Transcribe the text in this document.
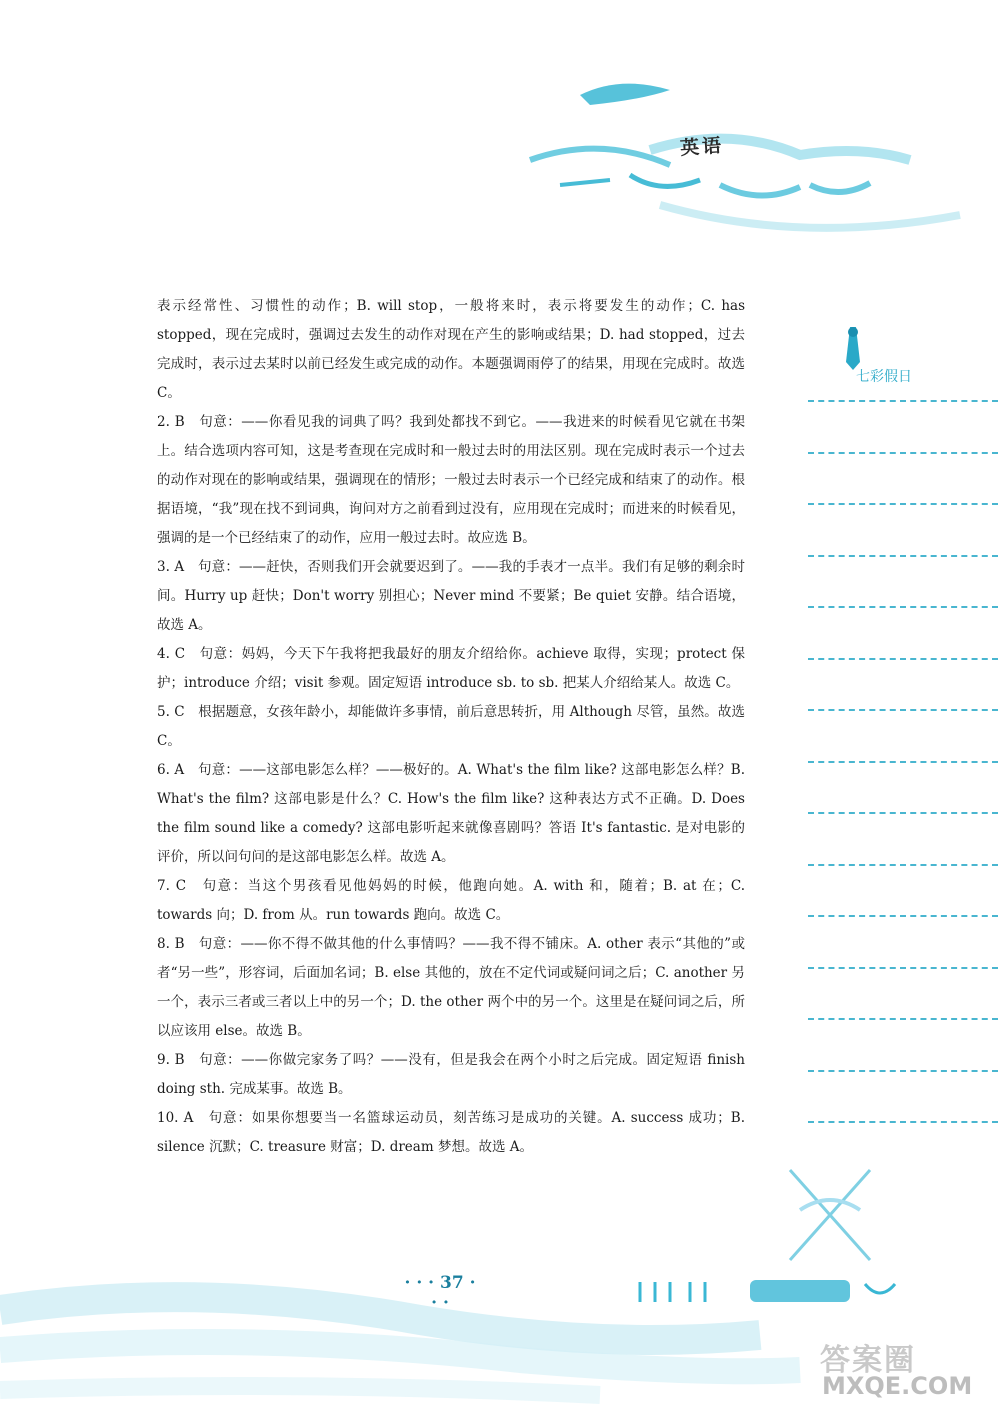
英语
七彩假日

表示经常性、习惯性的动作；B. will stop，一般将来时，表示将要发生的动作；C. has stopped，现在完成时，强调过去发生的动作对现在产生的影响或结果；D. had stopped，过去完成时，表示过去某时以前已经发生或完成的动作。本题强调雨停了的结果，用现在完成时。故选 C。

2. B　句意：——你看见我的词典了吗？我到处都找不到它。——我进来的时候看见它就在书架上。结合选项内容可知，这是考查现在完成时和一般过去时的用法区别。现在完成时表示一个过去的动作对现在的影响或结果，强调现在的情形；一般过去时表示一个已经完成和结束了的动作。根据语境，“我”现在找不到词典，询问对方之前看到过没有，应用现在完成时；而进来的时候看见，强调的是一个已经结束了的动作，应用一般过去时。故应选 B。

3. A　句意：——赶快，否则我们开会就要迟到了。——我的手表才一点半。我们有足够的剩余时间。Hurry up 赶快；Don't worry 别担心；Never mind 不要紧；Be quiet 安静。结合语境，故选 A。

4. C　句意：妈妈，今天下午我将把我最好的朋友介绍给你。achieve 取得，实现；protect 保护；introduce 介绍；visit 参观。固定短语 introduce sb. to sb. 把某人介绍给某人。故选 C。

5. C　根据题意，女孩年龄小，却能做许多事情，前后意思转折，用 Although 尽管，虽然。故选 C。

6. A　句意：——这部电影怎么样？——极好的。A. What's the film like? 这部电影怎么样？B. What's the film? 这部电影是什么？C. How's the film like? 这种表达方式不正确。D. Does the film sound like a comedy? 这部电影听起来就像喜剧吗？答语 It's fantastic. 是对电影的评价，所以问句问的是这部电影怎么样。故选 A。

7. C　句意：当这个男孩看见他妈妈的时候，他跑向她。A. with 和，随着；B. at 在；C. towards 向；D. from 从。run towards 跑向。故选 C。

8. B　句意：——你不得不做其他的什么事情吗？——我不得不铺床。A. other 表示“其他的”或者“另一些”，形容词，后面加名词；B. else 其他的，放在不定代词或疑问词之后；C. another 另一个，表示三者或三者以上中的另一个；D. the other 两个中的另一个。这里是在疑问词之后，所以应该用 else。故选 B。

9. B　句意：——你做完家务了吗？——没有，但是我会在两个小时之后完成。固定短语 finish doing sth. 完成某事。故选 B。

10. A　句意：如果你想要当一名篮球运动员，刻苦练习是成功的关键。A. success 成功；B. silence 沉默；C. treasure 财富；D. dream 梦想。故选 A。

· · · 37 · · ·
答案圈
MXQE.COM
